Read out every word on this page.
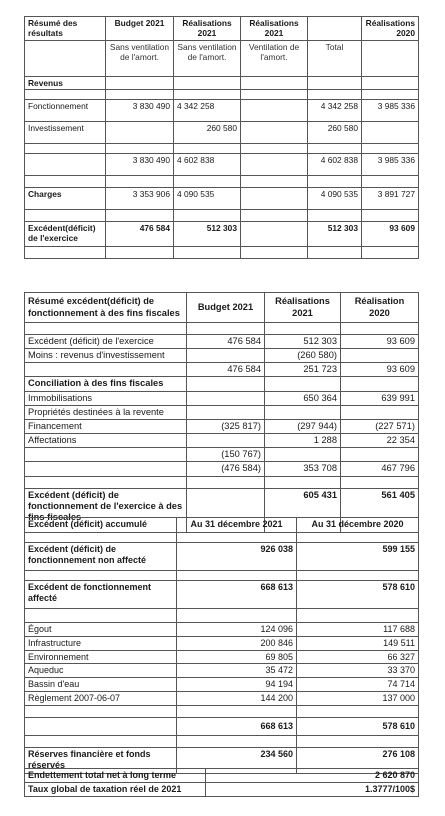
Résumé des résultats	Budget 2021	Réalisations 2021	Réalisations 2021		Réalisations 2020
	Sans ventilation de l'amort.	Sans ventilation de l'amort.	Ventilation de l'amort.	Total	
Revenus					

Fonctionnement	3 830 490	4 342 258		4 342 258	3 985 336
Investissement		260 580		260 580	

	3 830 490	4 602 838		4 602 838	3 985 336

Charges	3 353 906	4 090 535		4 090 535	3 891 727

Excédent(déficit) de l'exercice	476 584	512 303		512 303	93 609

Résumé excédent(déficit) de fonctionnement à des fins fiscales	Budget 2021	Réalisations 2021	Réalisation 2020

Excédent (déficit) de l'exercice	476 584	512 303	93 609
Moins : revenus d'investissement		(260 580)	
	476 584	251 723	93 609
Conciliation à des fins fiscales			
Immobilisations		650 364	639 991
Propriétés destinées à la revente			
Financement	(325 817)	(297 944)	(227 571)
Affectations		1 288	22 354
	(150 767)		
	(476 584)	353 708	467 796

Excédent (déficit) de fonctionnement de l'exercice à des fins fiscales		605 431	561 405
Excédent (déficit) accumulé	Au 31 décembre 2021	Au 31 décembre 2020

Excédent (déficit) de fonctionnement non affecté	926 038	599 155

Excédent de fonctionnement affecté	668 613	578 610

Égout	124 096	117 688
Infrastructure	200 846	149 511
Environnement	69 805	66 327
Aqueduc	35 472	33 370
Bassin d'eau	94 194	74 714
Règlement 2007-06-07	144 200	137 000

	668 613	578 610

Réserves financière et fonds réservés	234 560	276 108
Endettement total net à long terme	2 620 870
Taux global de taxation réel de 2021	1.3777/100$
